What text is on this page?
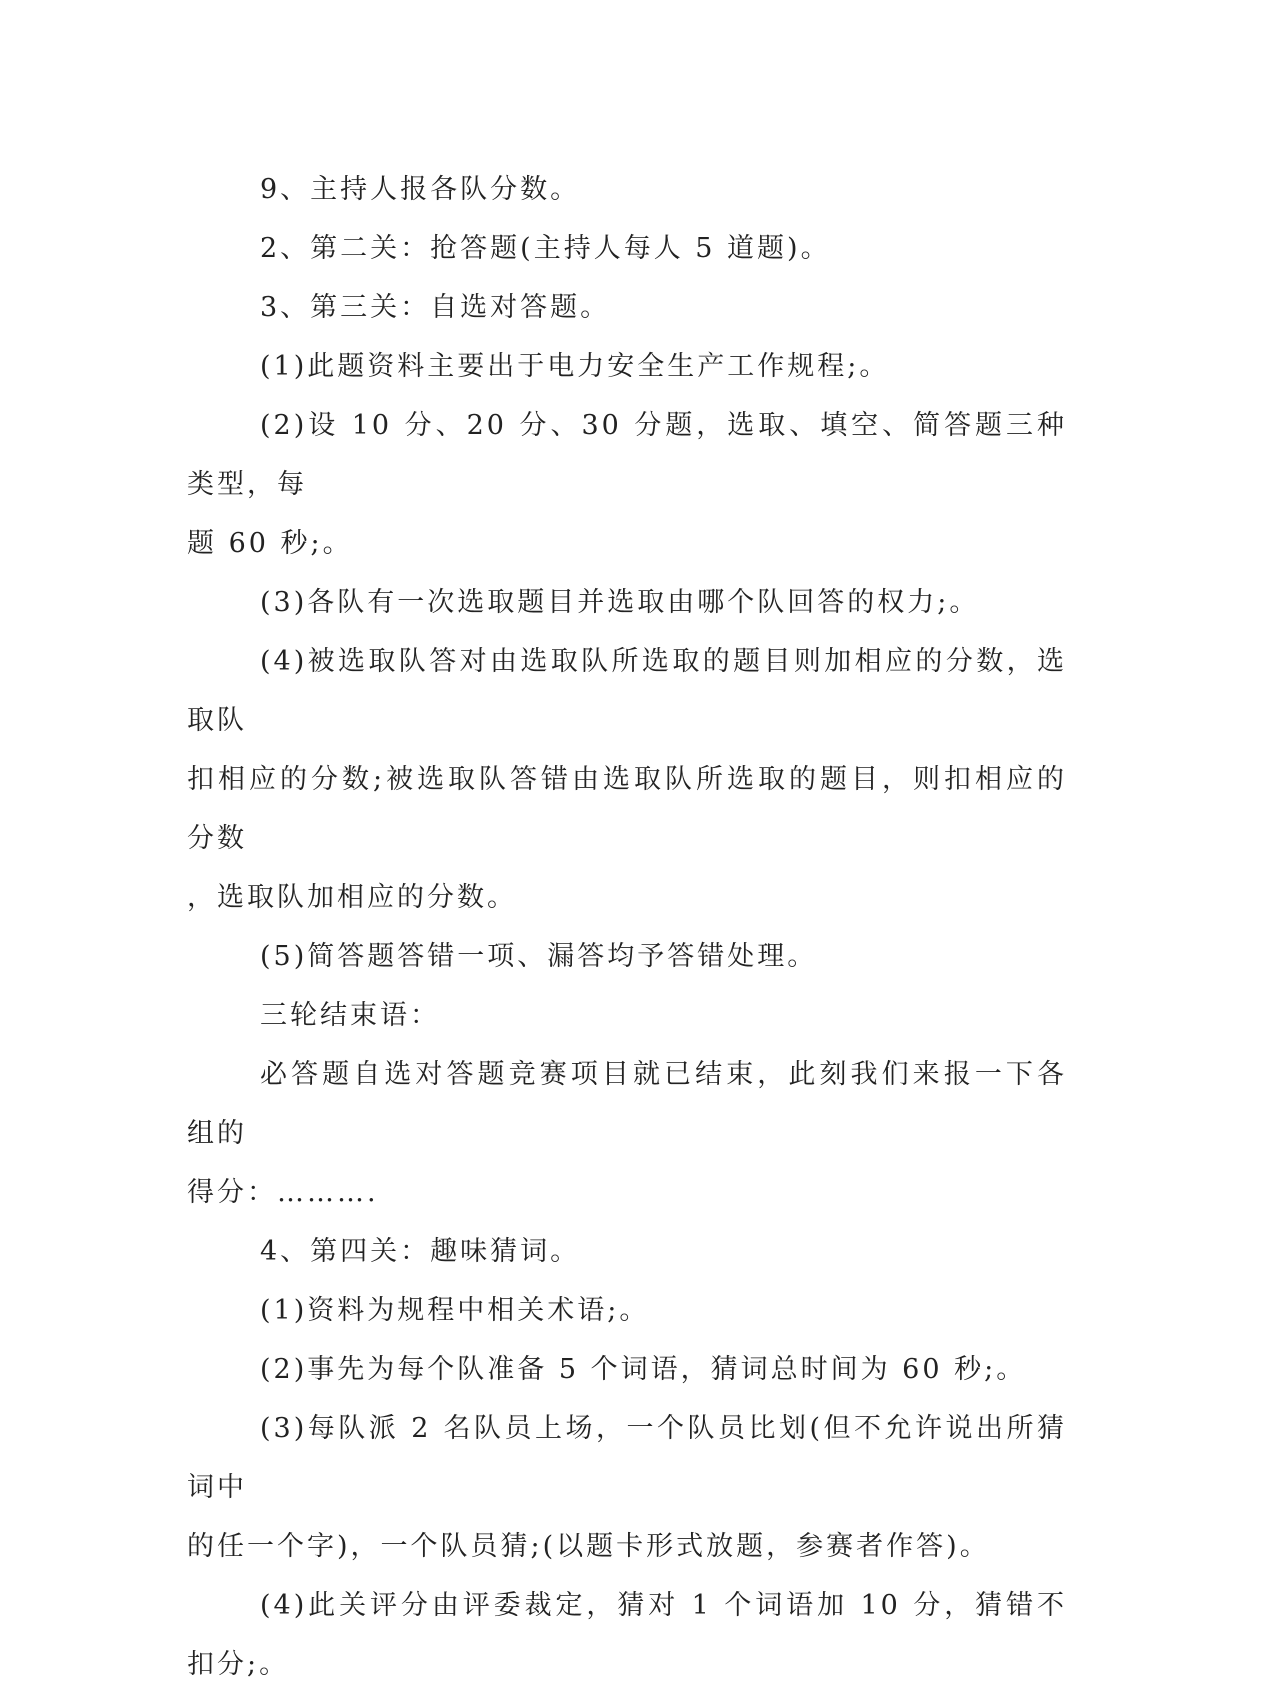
9、主持人报各队分数。

2、第二关：抢答题(主持人每人 5 道题)。

3、第三关：自选对答题。

(1)此题资料主要出于电力安全生产工作规程;。

(2)设 10 分、20 分、30 分题，选取、填空、简答题三种类型，每
题 60 秒;。

(3)各队有一次选取题目并选取由哪个队回答的权力;。

(4)被选取队答对由选取队所选取的题目则加相应的分数，选取队
扣相应的分数;被选取队答错由选取队所选取的题目，则扣相应的分数
，选取队加相应的分数。

(5)简答题答错一项、漏答均予答错处理。

三轮结束语：

必答题自选对答题竞赛项目就已结束，此刻我们来报一下各组的
得分：……….

4、第四关：趣味猜词。

(1)资料为规程中相关术语;。

(2)事先为每个队准备 5 个词语，猜词总时间为 60 秒;。

(3)每队派 2 名队员上场，一个队员比划(但不允许说出所猜词中
的任一个字)，一个队员猜;(以题卡形式放题，参赛者作答)。

(4)此关评分由评委裁定，猜对 1 个词语加 10 分，猜错不扣分;。
